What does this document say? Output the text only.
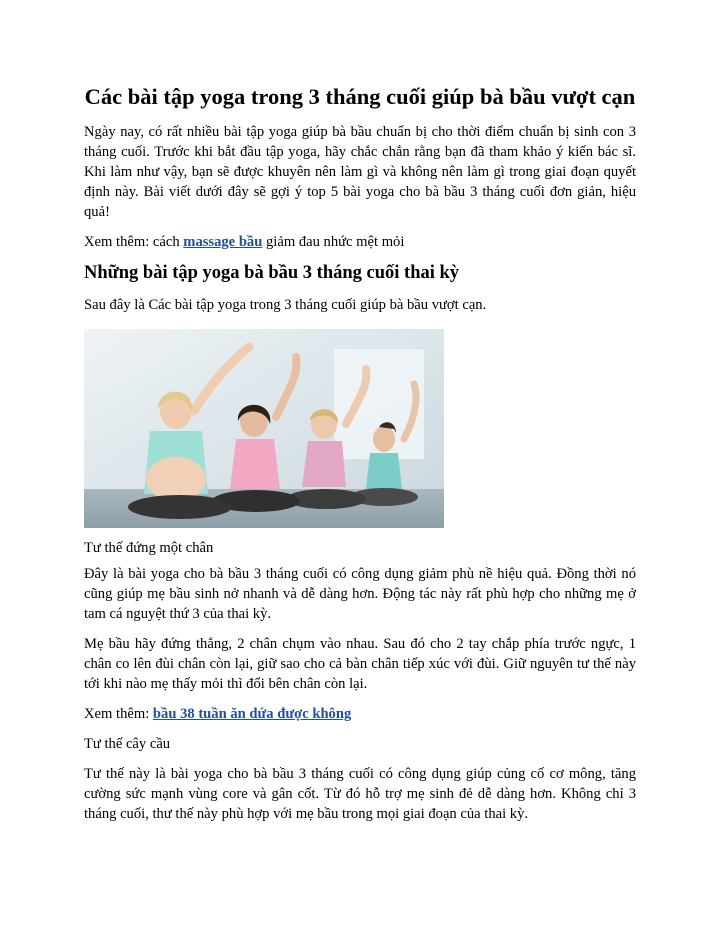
Các bài tập yoga trong 3 tháng cuối giúp bà bầu vượt cạn

Ngày nay, có rất nhiều bài tập yoga giúp bà bầu chuẩn bị cho thời điểm chuẩn bị sinh con 3 tháng cuối. Trước khi bắt đầu tập yoga, hãy chắc chắn rằng bạn đã tham khảo ý kiến bác sĩ. Khi làm như vậy, bạn sẽ được khuyên nên làm gì và không nên làm gì trong giai đoạn quyết định này. Bài viết dưới đây sẽ gợi ý top 5 bài yoga cho bà bầu 3 tháng cuối đơn giản, hiệu quả!

Xem thêm: cách massage bầu giảm đau nhức mệt mỏi

Những bài tập yoga bà bầu 3 tháng cuối thai kỳ

Sau đây là Các bài tập yoga trong 3 tháng cuối giúp bà bầu vượt cạn.

Tư thế đứng một chân

Đây là bài yoga cho bà bầu 3 tháng cuối có công dụng giảm phù nề hiệu quả. Đồng thời nó cũng giúp mẹ bầu sinh nở nhanh và dễ dàng hơn. Động tác này rất phù hợp cho những mẹ ở tam cá nguyệt thứ 3 của thai kỳ.

Mẹ bầu hãy đứng thẳng, 2 chân chụm vào nhau. Sau đó cho 2 tay chắp phía trước ngực, 1 chân co lên đùi chân còn lại, giữ sao cho cả bàn chân tiếp xúc với đùi. Giữ nguyên tư thế này tới khi nào mẹ thấy mỏi thì đổi bên chân còn lại.

Xem thêm: bầu 38 tuần ăn dứa được không

Tư thế cây cầu

Tư thế này là bài yoga cho bà bầu 3 tháng cuối có công dụng giúp củng cố cơ mông, tăng cường sức mạnh vùng core và gân cốt. Từ đó hỗ trợ mẹ sinh đẻ dễ dàng hơn. Không chỉ 3 tháng cuối, thư thế này phù hợp với mẹ bầu trong mọi giai đoạn của thai kỳ.
